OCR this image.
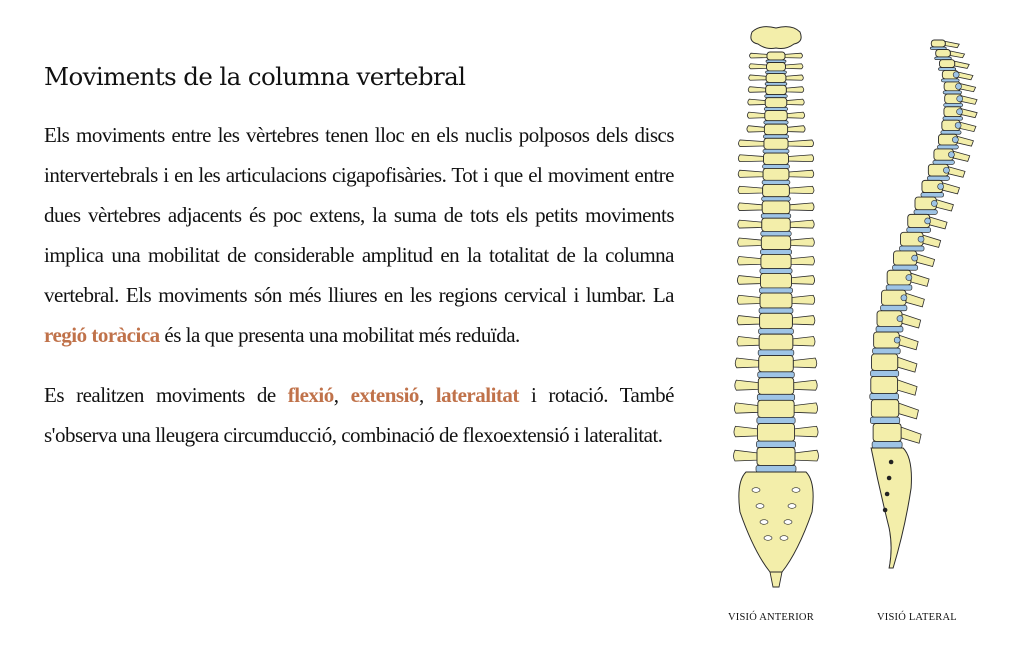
Moviments de la columna vertebral

Els moviments entre les vèrtebres tenen lloc en els nuclis polposos dels discs intervertebrals i en les articulacions cigapofisàries. Tot i que el moviment entre dues vèrtebres adjacents és poc extens, la suma de tots els petits moviments implica una mobilitat de considerable amplitud en la totalitat de la columna vertebral. Els moviments són més lliures en les regions cervical i lumbar. La regió toràcica és la que presenta una mobilitat més reduïda.

Es realitzen moviments de flexió, extensió, lateralitat i rotació. També s'observa una lleugera circumducció, combinació de flexoextensió i lateralitat.

VISIÓ ANTERIOR	VISIÓ LATERAL
